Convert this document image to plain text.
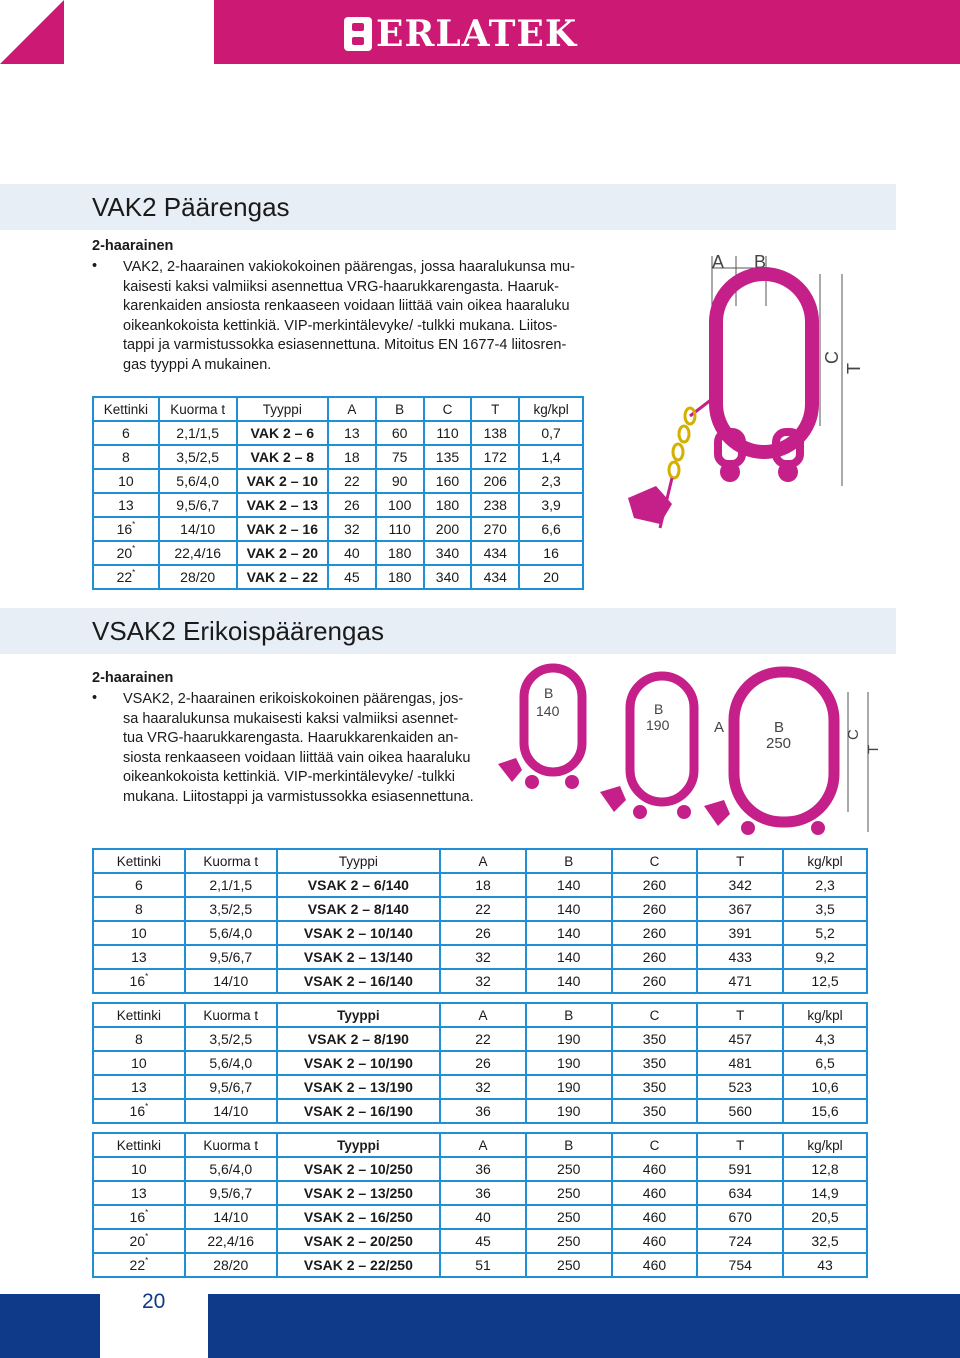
ERLATEK
VAK2 Päärengas
2-haarainen
• VAK2, 2-haarainen vakiokokoinen päärengas, jossa haaralukunsa mu-
kaisesti kaksi valmiiksi asennettua VRG-haarukkarengasta. Haaruk-
karenkaiden ansiosta renkaaseen voidaan liittää vain oikea haaraluku
oikeankokoista kettinkiä. VIP-merkintälevyke/ -tulkki mukana. Liitos-
tappi ja varmistussokka esiasennettuna. Mitoitus EN 1677-4 liitosren-
gas tyyppi A mukainen.
A B
C
T
Kettinki	Kuorma t	Tyyppi	A	B	C	T	kg/kpl
6	2,1/1,5	VAK 2 – 6	13	60	110	138	0,7
8	3,5/2,5	VAK 2 – 8	18	75	135	172	1,4
10	5,6/4,0	VAK 2 – 10	22	90	160	206	2,3
13	9,5/6,7	VAK 2 – 13	26	100	180	238	3,9
16*	14/10	VAK 2 – 16	32	110	200	270	6,6
20*	22,4/16	VAK 2 – 20	40	180	340	434	16
22*	28/20	VAK 2 – 22	45	180	340	434	20
VSAK2 Erikoispäärengas
2-haarainen
• VSAK2, 2-haarainen erikoiskokoinen päärengas, jos-
sa haaralukunsa mukaisesti kaksi valmiiksi asennet-
tua VRG-haarukkarengasta. Haarukkarenkaiden an-
siosta renkaaseen voidaan liittää vain oikea haaraluku
oikeankokoista kettinkiä. VIP-merkintälevyke/ -tulkki
mukana. Liitostappi ja varmistussokka esiasennettuna.
B
140	B
190	A	B
250
C
T
Kettinki	Kuorma t	Tyyppi	A	B	C	T	kg/kpl
6	2,1/1,5	VSAK 2 – 6/140	18	140	260	342	2,3
8	3,5/2,5	VSAK 2 – 8/140	22	140	260	367	3,5
10	5,6/4,0	VSAK 2 – 10/140	26	140	260	391	5,2
13	9,5/6,7	VSAK 2 – 13/140	32	140	260	433	9,2
16*	14/10	VSAK 2 – 16/140	32	140	260	471	12,5
Kettinki	Kuorma t	Tyyppi	A	B	C	T	kg/kpl
8	3,5/2,5	VSAK 2 – 8/190	22	190	350	457	4,3
10	5,6/4,0	VSAK 2 – 10/190	26	190	350	481	6,5
13	9,5/6,7	VSAK 2 – 13/190	32	190	350	523	10,6
16*	14/10	VSAK 2 – 16/190	36	190	350	560	15,6
Kettinki	Kuorma t	Tyyppi	A	B	C	T	kg/kpl
10	5,6/4,0	VSAK 2 – 10/250	36	250	460	591	12,8
13	9,5/6,7	VSAK 2 – 13/250	36	250	460	634	14,9
16*	14/10	VSAK 2 – 16/250	40	250	460	670	20,5
20*	22,4/16	VSAK 2 – 20/250	45	250	460	724	32,5
22*	28/20	VSAK 2 – 22/250	51	250	460	754	43
20
